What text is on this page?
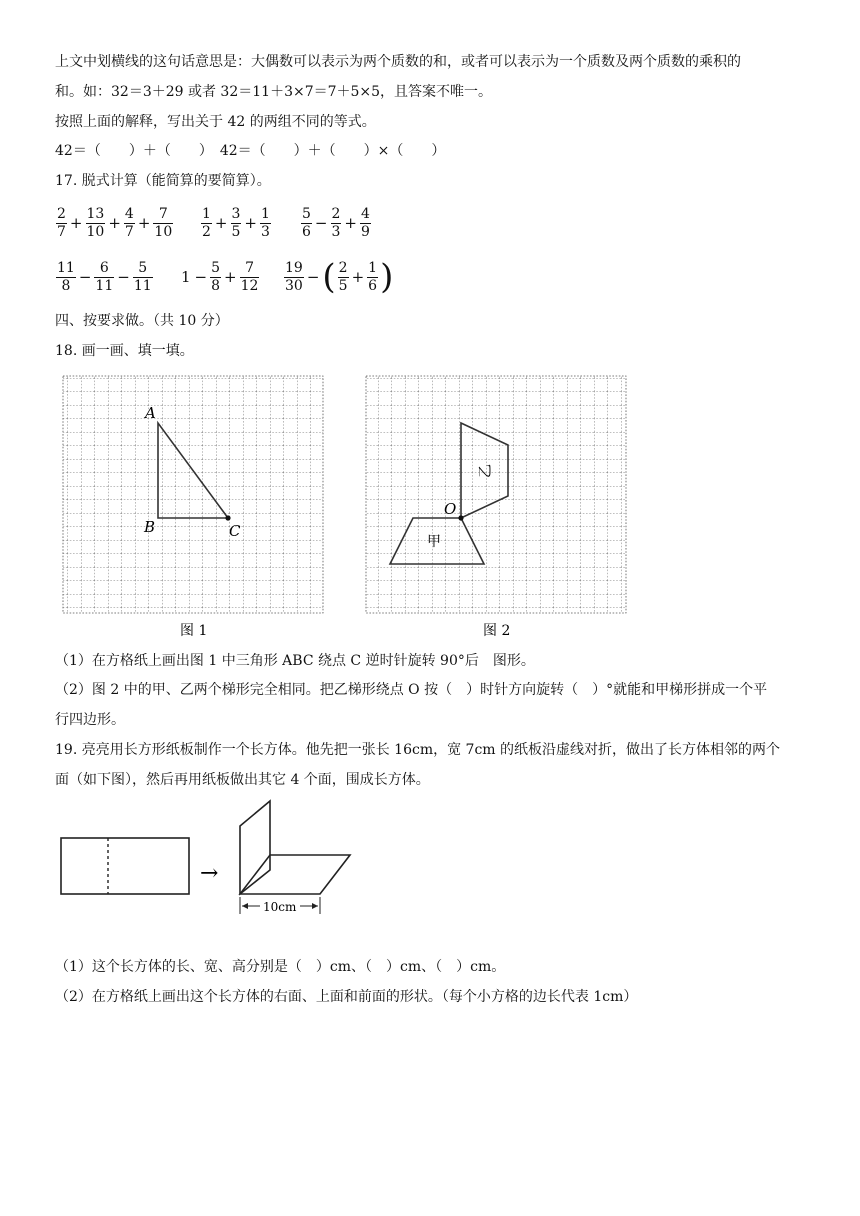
上文中划横线的这句话意思是：大偶数可以表示为两个质数的和，或者可以表示为一个质数及两个质数的乘积的
和。如：32＝3＋29 或者 32＝11＋3×7＝7＋5×5，且答案不唯一。
按照上面的解释，写出关于 42 的两组不同的等式。
42＝（　　）＋（　　）　42＝（　　）＋（　　）×（　　）
17. 脱式计算（能简算的要简算）。
$\frac{2}{7} + \frac{13}{10} + \frac{4}{7} + \frac{7}{10} \frac{1}{2} + \frac{3}{5} + \frac{1}{3} \frac{5}{6} - \frac{2}{3} + \frac{4}{9}$
$\frac{11}{8} - \frac{6}{11} - \frac{5}{11} 1 - \frac{5}{8} + \frac{7}{12} \frac{19}{30}$ − ( $\frac{2}{5} + \frac{1}{6}$ )
四、按要求做。（共 10 分）
18. 画一画、填一填。
A
B	C
图 1
O
甲
乙
图 2
（1）在方格纸上画出图 1 中三角形 ABC 绕点 C 逆时针旋转 90°后　图形。
（2）图 2 中的甲、乙两个梯形完全相同。把乙梯形绕点 O 按（　）时针方向旋转（　）°就能和甲梯形拼成一个平
行四边形。
19. 亮亮用长方形纸板制作一个长方体。他先把一张长 16cm，宽 7cm 的纸板沿虚线对折，做出了长方体相邻的两个
面（如下图），然后再用纸板做出其它 4 个面，围成长方体。
→
10cm
（1）这个长方体的长、宽、高分别是（　）cm、（　）cm、（　）cm。
（2）在方格纸上画出这个长方体的右面、上面和前面的形状。（每个小方格的边长代表 1cm）
